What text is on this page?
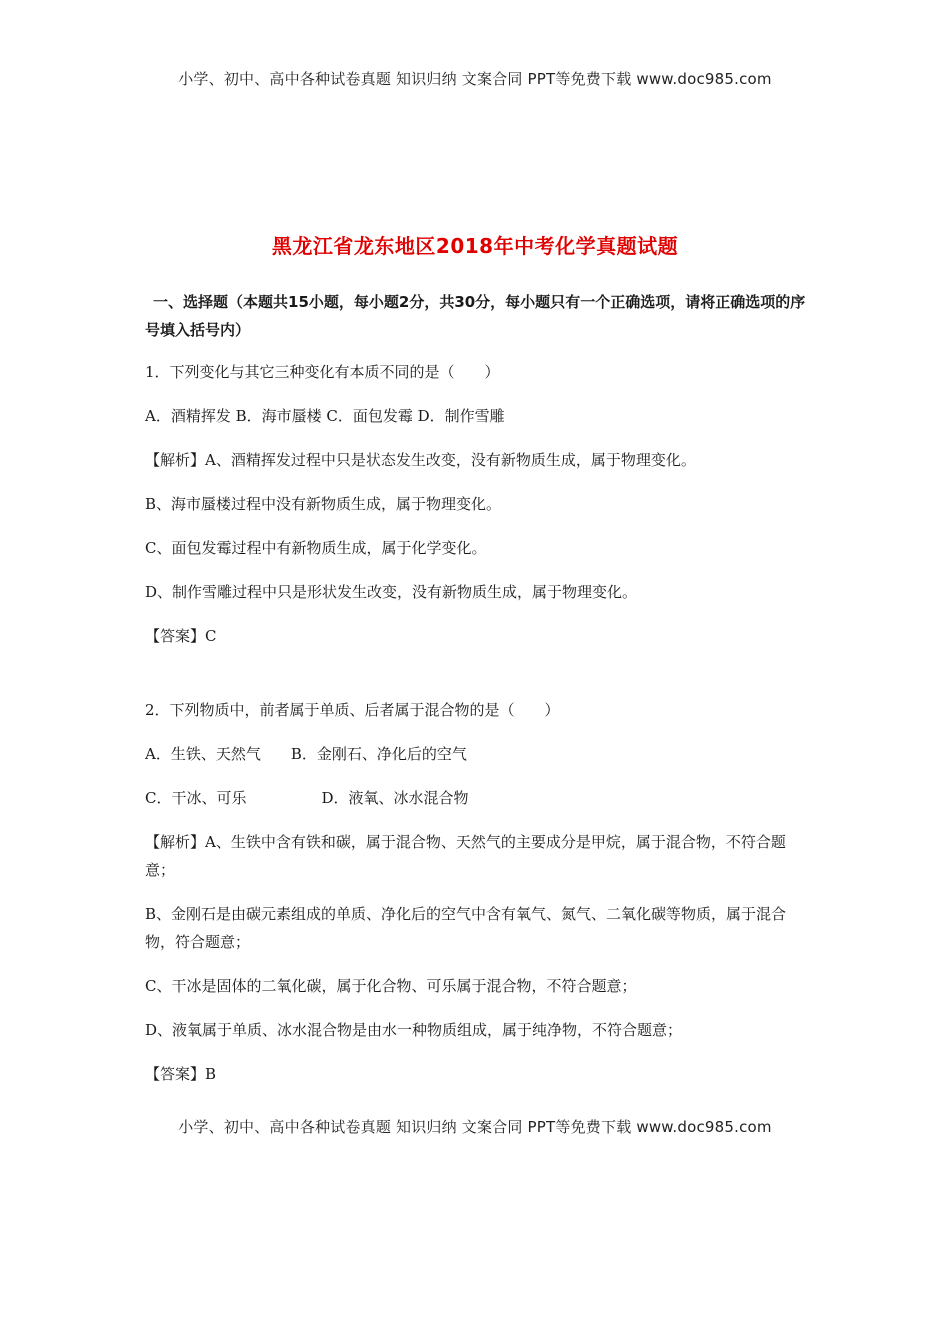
小学、初中、高中各种试卷真题 知识归纳 文案合同 PPT等免费下载 www.doc985.com
黑龙江省龙东地区2018年中考化学真题试题
一、选择题（本题共15小题，每小题2分，共30分，每小题只有一个正确选项，请将正确选项的序号填入括号内）
1．下列变化与其它三种变化有本质不同的是（　　）
A．酒精挥发 B．海市蜃楼 C．面包发霉 D．制作雪雕
【解析】A、酒精挥发过程中只是状态发生改变，没有新物质生成，属于物理变化。
B、海市蜃楼过程中没有新物质生成，属于物理变化。
C、面包发霉过程中有新物质生成，属于化学变化。
D、制作雪雕过程中只是形状发生改变，没有新物质生成，属于物理变化。
【答案】C
2．下列物质中，前者属于单质、后者属于混合物的是（　　）
A．生铁、天然气　　B．金刚石、净化后的空气
C．干冰、可乐　　　　　D．液氧、冰水混合物
【解析】A、生铁中含有铁和碳，属于混合物、天然气的主要成分是甲烷，属于混合物，不符合题意；
B、金刚石是由碳元素组成的单质、净化后的空气中含有氧气、氮气、二氧化碳等物质，属于混合物，符合题意；
C、干冰是固体的二氧化碳，属于化合物、可乐属于混合物，不符合题意；
D、液氧属于单质、冰水混合物是由水一种物质组成，属于纯净物，不符合题意；
【答案】B
小学、初中、高中各种试卷真题 知识归纳 文案合同 PPT等免费下载 www.doc985.com
